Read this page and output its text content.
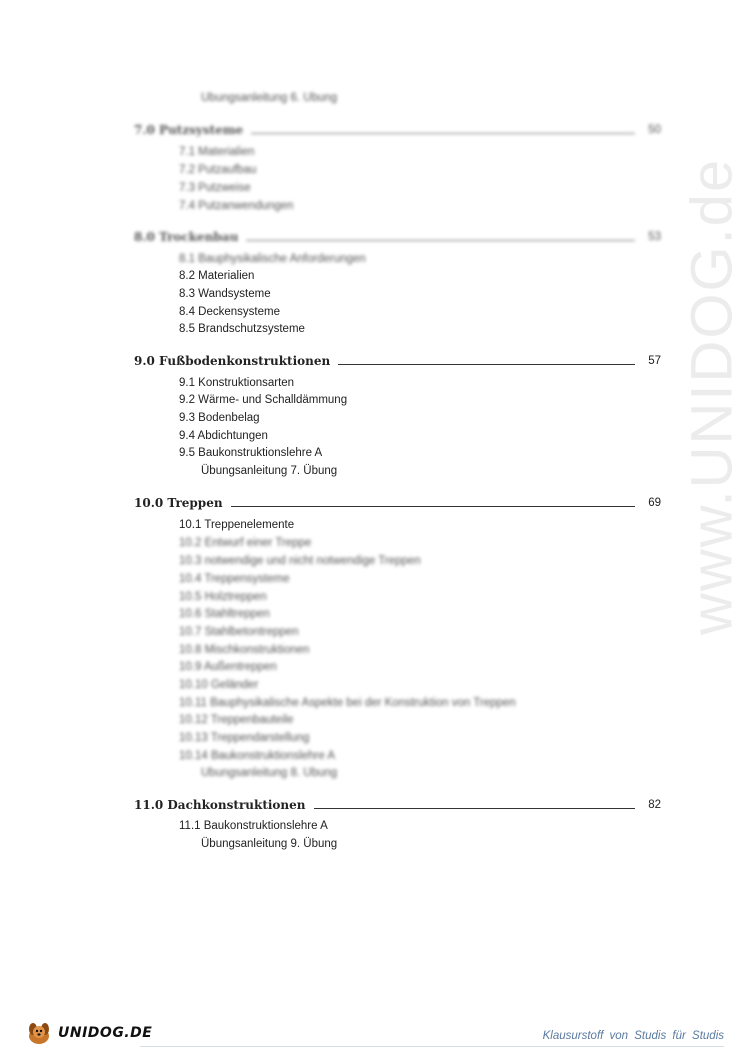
Übungsanleitung 6. Übung
7.0 Putzsysteme	50
7.1 Materialien
7.2 Putzaufbau
7.3 Putzweise
7.4 Putzanwendungen
8.0 Trockenbau	53
8.1 Bauphysikalische Anforderungen
8.2 Materialien
8.3 Wandsysteme
8.4 Deckensysteme
8.5 Brandschutzsysteme
9.0 Fußbodenkonstruktionen	57
9.1 Konstruktionsarten
9.2 Wärme- und Schalldämmung
9.3 Bodenbelag
9.4 Abdichtungen
9.5 Baukonstruktionslehre A
Übungsanleitung 7. Übung
10.0 Treppen	69
10.1 Treppenelemente
10.2 Entwurf einer Treppe
10.3 notwendige und nicht notwendige Treppen
10.4 Treppensysteme
10.5 Holztreppen
10.6 Stahltreppen
10.7 Stahlbetontreppen
10.8 Mischkonstruktionen
10.9 Außentreppen
10.10 Geländer
10.11 Bauphysikalische Aspekte bei der Konstruktion von Treppen
10.12 Treppenbauteile
10.13 Treppendarstellung
10.14 Baukonstruktionslehre A
Übungsanleitung 8. Übung
11.0 Dachkonstruktionen	82
11.1 Baukonstruktionslehre A
Übungsanleitung 9. Übung
www.UNIDOG.de
UNIDOG.DE	Klausurstoff von Studis für Studis
